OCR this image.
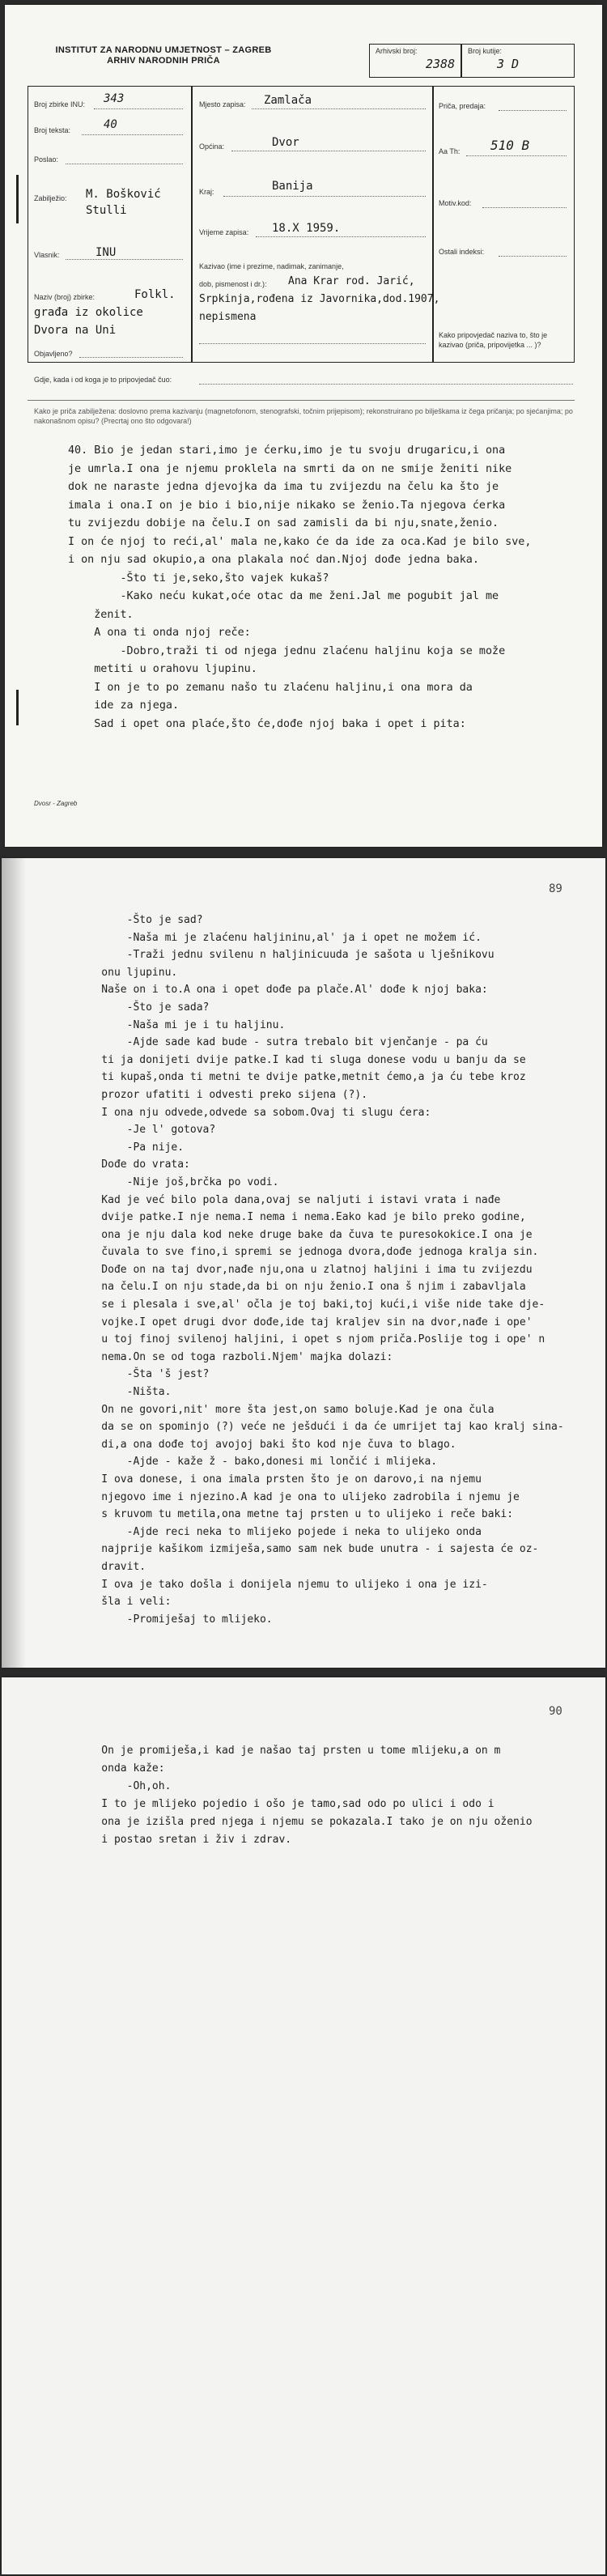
INSTITUT ZA NARODNU UMJETNOST – ZAGREB
ARHIV NARODNIH PRIČA
Arhivski broj:
2388
Broj kutije:
3 D
Broj zbirke INU: 343
Broj teksta:	40
Poslao:
Zabilježio: M. Bošković
Stulli
Vlasnik:	INU
Naziv (broj) zbirke:	Folkl.
građa iz okolice
Dvora na Uni
Objavljeno?
Mjesto zapisa: Zamlača
Općina:	Dvor
Kraj:	Banija
Vrijeme zapisa: 18.X 1959.
Kazivao (ime i prezime, nadimak, zanimanje, dob, pismenost i dr.):	Ana Krar rod. Jarić,
Srpkinja,rođena iz Javornika,dod.1907,
nepismena
Priča, predaja:
Aa Th: 510 B
Motiv.kod:
Ostali indeksi:
Kako pripovjedač naziva to, što je kazivao (priča, pripovijetka ... )?
Gdje, kada i od koga je to pripovjedač čuo:
Kako je priča zabilježena: doslovno prema kazivanju (magnetofonom, stenografski, točnim prijepisom); rekonstruirano po bilješkama iz čega pričanja; po sjećanjima; po nakonašnom opisu? (Precrtaj ono što odgovara!)
40. Bio je jedan stari,imo je ćerku,imo je tu svoju drugaricu,i ona
je umrla.I ona je njemu proklela na smrti da on ne smije ženiti nike
dok ne naraste jedna djevojka da ima tu zvijezdu na čelu ka što je
imala i ona.I on je bio i bio,nije nikako se ženio.Ta njegova ćerka
tu zvijezdu dobije na čelu.I on sad zamisli da bi nju,snate,ženio.
I on će njoj to reći,al' mala ne,kako će da ide za oca.Kad je bilo sve,
i on nju sad okupio,a ona plakala noć dan.Njoj dođe jedna baka.
-Što ti je,seko,što vajek kukaš?
-Kako neću kukat,oće otac da me ženi.Jal me pogubit jal me
ženit.
A ona ti onda njoj reče:
-Dobro,traži ti od njega jednu zlaćenu haljinu koja se može
metiti u orahovu ljupinu.
I on je to po zemanu našo tu zlaćenu haljinu,i ona mora da
ide za njega.
Sad i opet ona plaće,što će,dođe njoj baka i opet i pita:
Dvosr - Zagreb
89
-Što je sad?
-Naša mi je zlaćenu haljininu,al' ja i opet ne možem ić.
-Traži jednu svilenu n haljinicuuda je sašota u lješnikovu
onu ljupinu.
Naše on i to.A ona i opet dođe pa plače.Al' dođe k njoj baka:
-Što je sada?
-Naša mi je i tu haljinu.
-Ajde sade kad bude - sutra trebalo bit vjenčanje - pa ću
ti ja donijeti dvije patke.I kad ti sluga donese vodu u banju da se
ti kupaš,onda ti metni te dvije patke,metnit ćemo,a ja ću tebe kroz
prozor ufatiti i odvesti preko sijena (?).
I ona nju odvede,odvede sa sobom.Ovaj ti slugu ćera:
-Je l' gotova?
-Pa nije.
Dođe do vrata:
-Nije još,brčka po vodi.
Kad je već bilo pola dana,ovaj se naljuti i istavi vrata i nađe
dvije patke.I nje nema.I nema i nema.Eako kad je bilo preko godine,
ona je nju dala kod neke druge bake da čuva te puresokokice.I ona je
čuvala to sve fino,i spremi se jednoga dvora,dođe jednoga kralja sin.
Dođe on na taj dvor,nađe nju,ona u zlatnoj haljini i ima tu zvijezdu
na čelu.I on nju stade,da bi on nju ženio.I ona š njim i zabavljala
se i plesala i sve,al' očla je toj baki,toj kući,i više nide take dje-
vojke.I opet drugi dvor dođe,ide taj kraljev sin na dvor,nađe i ope'
u toj finoj svilenoj haljini, i opet s njom priča.Poslije tog i ope' n
nema.On se od toga razboli.Njem' majka dolazi:
-Šta 'š jest?
-Ništa.
On ne govori,nit' more šta jest,on samo boluje.Kad je ona čula
da se on spominjo (?) veće ne ješdući i da će umrijet taj kao kralj sina-
di,a ona dođe toj avojoj baki što kod nje čuva to blago.
-Ajde - kaže ž - bako,donesi mi lončić i mlijeka.
I ova donese, i ona imala prsten što je on darovo,i na njemu
njegovo ime i njezino.A kad je ona to ulijeko zadrobila i njemu je
s kruvom tu metila,ona metne taj prsten u to ulijeko i reče baki:
-Ajde reci neka to mlijeko pojede i neka to ulijeko onda
najprije kašikom izmiješa,samo sam nek bude unutra - i sajesta će oz-
dravit.
I ova je tako došla i donijela njemu to ulijeko i ona je izi-
šla i veli:
-Promiješaj to mlijeko.
90
On je promiješa,i kad je našao taj prsten u tome mlijeku,a on m
onda kaže:
-Oh,oh.
I to je mlijeko pojedio i ošo je tamo,sad odo po ulici i odo i
ona je izišla pred njega i njemu se pokazala.I tako je on nju oženio
i postao sretan i živ i zdrav.
